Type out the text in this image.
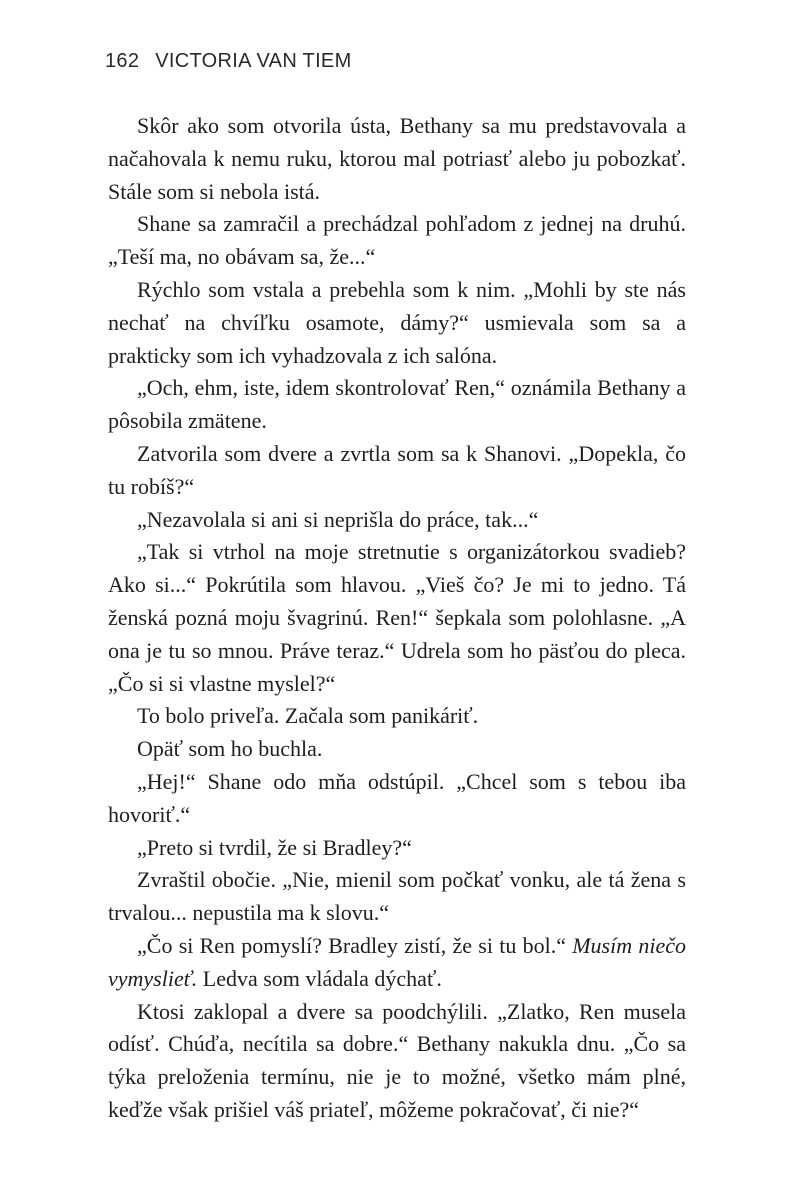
162 VICTORIA VAN TIEM

Skôr ako som otvorila ústa, Bethany sa mu predstavovala a načahovala k nemu ruku, ktorou mal potriasť alebo ju pobozkať. Stále som si nebola istá.

Shane sa zamračil a prechádzal pohľadom z jednej na druhú. „Teší ma, no obávam sa, že...“

Rýchlo som vstala a prebehla som k nim. „Mohli by ste nás nechať na chvíľku osamote, dámy?“ usmievala som sa a prakticky som ich vyhadzovala z ich salóna.

„Och, ehm, iste, idem skontrolovať Ren,“ oznámila Bethany a pôsobila zmätene.

Zatvorila som dvere a zvrtla som sa k Shanovi. „Dopekla, čo tu robíš?“

„Nezavolala si ani si neprišla do práce, tak...“

„Tak si vtrhol na moje stretnutie s organizátorkou svadieb? Ako si...“ Pokrútila som hlavou. „Vieš čo? Je mi to jedno. Tá ženská pozná moju švagrinú. Ren!“ šepkala som polohlasne. „A ona je tu so mnou. Práve teraz.“ Udrela som ho päsťou do pleca. „Čo si si vlastne myslel?“

To bolo priveľa. Začala som panikáriť.

Opäť som ho buchla.

„Hej!“ Shane odo mňa odstúpil. „Chcel som s tebou iba hovoriť.“

„Preto si tvrdil, že si Bradley?“

Zvraštil obočie. „Nie, mienil som počkať vonku, ale tá žena s trvalou... nepustila ma k slovu.“

„Čo si Ren pomyslí? Bradley zistí, že si tu bol.“ Musím niečo vymyslieť. Ledva som vládala dýchať.

Ktosi zaklopal a dvere sa poodchýlili. „Zlatko, Ren musela odísť. Chúďa, necítila sa dobre.“ Bethany nakukla dnu. „Čo sa týka preloženia termínu, nie je to možné, všetko mám plné, keďže však prišiel váš priateľ, môžeme pokračovať, či nie?“
